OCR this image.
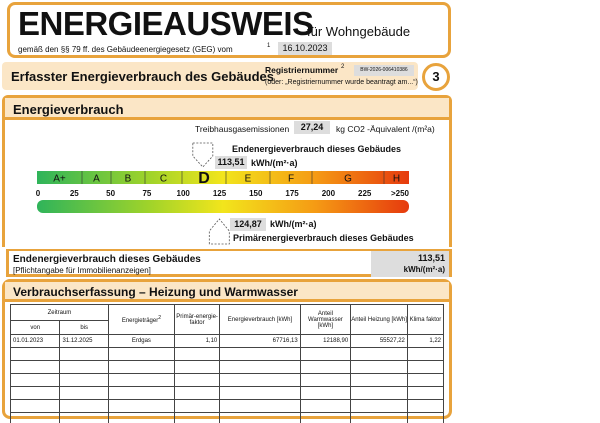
ENERGIEAUSWEIS
für Wohngebäude
gemäß den §§ 79 ff. des Gebäudeenergiegesetz (GEG) vom	1	16.10.2023
Erfasster Energieverbrauch des Gebäudes
Registriernummer 2	BW-2026-006410386
(oder: „Registriernummer wurde beantragt am...“)	3
Energieverbrauch
Treibhausgasemissionen	27,24	kg CO2 -Äquivalent /(m²a)
A+	A B	C D	E	F	G	H
0	25	50	75	100	125	150	175	200	225 >250
Endenergieverbrauch dieses Gebäudes
113,51 kWh/(m²·a)
124,87 kWh/(m²·a)
Primärenergieverbrauch dieses Gebäudes
Endenergieverbrauch dieses Gebäudes
[Pflichtangabe für Immobilienanzeigen]
113,51
kWh/(m²·a)
Verbrauchserfassung – Heizung und Warmwasser
Zeitraum		Energieträger$^2$	Primär-energie-faktor	Energieverbrauch [kWh]	Anteil Warmwasser [kWh]	Anteil Heizung [kWh]	Klima faktor
von	bis						
01.01.2023	31.12.2025	Erdgas	1,10	67716,13	12188,90	55527,22	1,22
